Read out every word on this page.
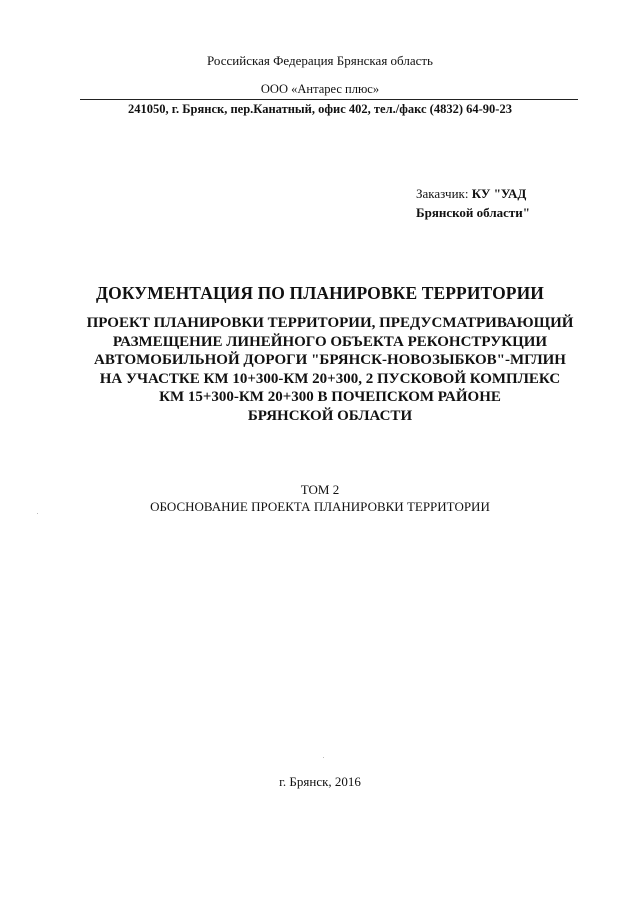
Российская Федерация Брянская область
ООО «Антарес плюс»
241050, г. Брянск, пер.Канатный, офис 402, тел./факс (4832) 64-90-23
Заказчик: КУ "УАД
Брянской области"
ДОКУМЕНТАЦИЯ ПО ПЛАНИРОВКЕ ТЕРРИТОРИИ
ПРОЕКТ ПЛАНИРОВКИ ТЕРРИТОРИИ, ПРЕДУСМАТРИВАЮЩИЙ
РАЗМЕЩЕНИЕ ЛИНЕЙНОГО ОБЪЕКТА РЕКОНСТРУКЦИИ
АВТОМОБИЛЬНОЙ ДОРОГИ "БРЯНСК-НОВОЗЫБКОВ"-МГЛИН
НА УЧАСТКЕ КМ 10+300-КМ 20+300, 2 ПУСКОВОЙ КОМПЛЕКС
КМ 15+300-КМ 20+300 В ПОЧЕПСКОМ РАЙОНЕ
БРЯНСКОЙ ОБЛАСТИ
ТОМ 2
ОБОСНОВАНИЕ ПРОЕКТА ПЛАНИРОВКИ ТЕРРИТОРИИ
г. Брянск, 2016
